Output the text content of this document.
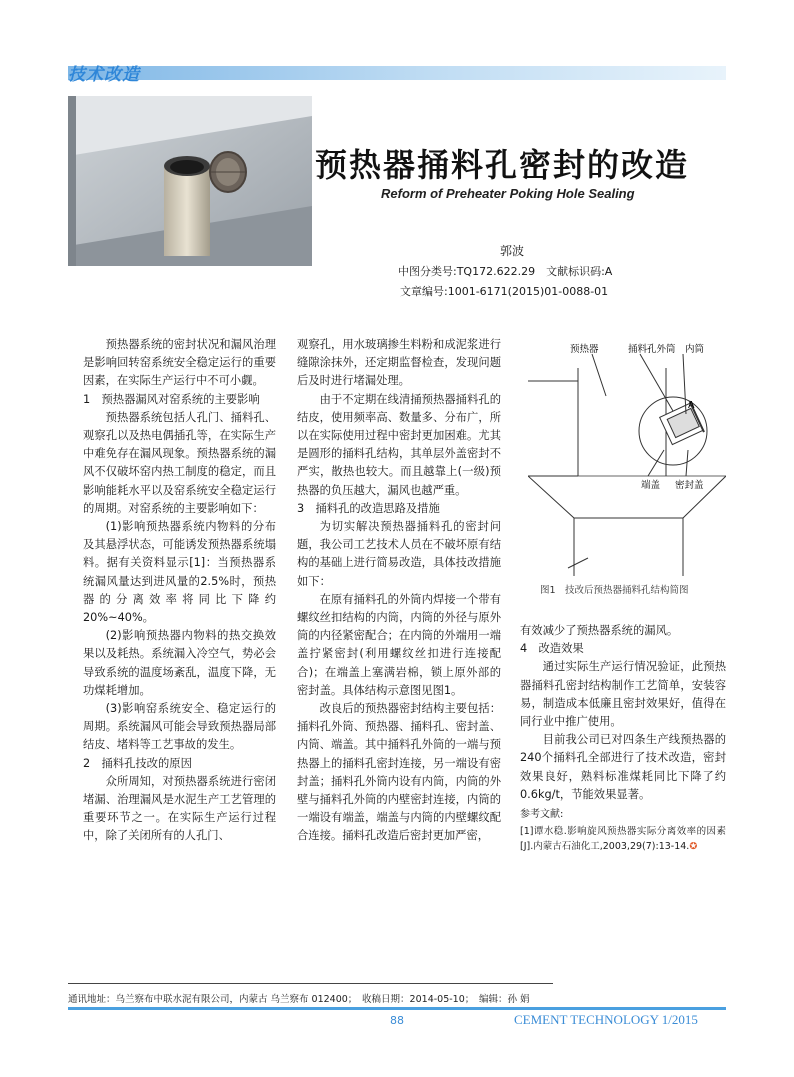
技术改造
预热器捅料孔密封的改造
Reform of Preheater Poking Hole Sealing
郭波
中图分类号:TQ172.622.29　文献标识码:A
文章编号:1001-6171(2015)01-0088-01

预热器系统的密封状况和漏风治理是影响回转窑系统安全稳定运行的重要因素，在实际生产运行中不可小觑。

1　预热器漏风对窑系统的主要影响

预热器系统包括人孔门、捅料孔、观察孔以及热电偶插孔等，在实际生产中难免存在漏风现象。预热器系统的漏风不仅破坏窑内热工制度的稳定，而且影响能耗水平以及窑系统安全稳定运行的周期。对窑系统的主要影响如下：

(1)影响预热器系统内物料的分布及其悬浮状态，可能诱发预热器系统塌料。据有关资料显示[1]：当预热器系统漏风量达到进风量的2.5%时，预热器的分离效率将同比下降约20%~40%。

(2)影响预热器内物料的热交换效果以及耗热。系统漏入冷空气，势必会导致系统的温度场紊乱，温度下降，无功煤耗增加。

(3)影响窑系统安全、稳定运行的周期。系统漏风可能会导致预热器局部结皮、堵料等工艺事故的发生。

2　捅料孔技改的原因

众所周知，对预热器系统进行密闭堵漏、治理漏风是水泥生产工艺管理的重要环节之一。在实际生产运行过程中，除了关闭所有的人孔门、

观察孔，用水玻璃掺生料粉和成泥浆进行缝隙涂抹外，还定期监督检查，发现问题后及时进行堵漏处理。

由于不定期在线清捅预热器捅料孔的结皮，使用频率高、数量多、分布广，所以在实际使用过程中密封更加困难。尤其是圆形的捅料孔结构，其单层外盖密封不严实，散热也较大。而且越靠上(一级)预热器的负压越大，漏风也越严重。

3　捅料孔的改造思路及措施

为切实解决预热器捅料孔的密封问题，我公司工艺技术人员在不破坏原有结构的基础上进行简易改造，具体技改措施如下：

在原有捅料孔的外筒内焊接一个带有螺纹丝扣结构的内筒，内筒的外径与原外筒的内径紧密配合；在内筒的外端用一端盖拧紧密封(利用螺纹丝扣进行连接配合)；在端盖上塞满岩棉，锁上原外部的密封盖。具体结构示意图见图1。

改良后的预热器密封结构主要包括：捅料孔外筒、预热器、捅料孔、密封盖、内筒、端盖。其中捅料孔外筒的一端与预热器上的捅料孔密封连接，另一端设有密封盖；捅料孔外筒内设有内筒，内筒的外壁与捅料孔外筒的内壁密封连接，内筒的一端设有端盖，端盖与内筒的内壁螺纹配合连接。捅料孔改造后密封更加严密，

预热器	捅料孔外筒 内筒
A
端盖 密封盖
图1　技改后预热器捅料孔结构简图

有效减少了预热器系统的漏风。

4　改造效果

通过实际生产运行情况验证，此预热器捅料孔密封结构制作工艺简单，安装容易，制造成本低廉且密封效果好，值得在同行业中推广使用。

目前我公司已对四条生产线预热器的240个捅料孔全部进行了技术改造，密封效果良好，熟料标准煤耗同比下降了约0.6kg/t，节能效果显著。

参考文献:
[1]谭水稳.影响旋风预热器实际分离效率的因素[J].内蒙古石油化工,2003,29(7):13-14.✪
通讯地址：乌兰察布中联水泥有限公司，内蒙古 乌兰察布 012400；　收稿日期：2014-05-10；　编辑：孙 娟
88	CEMENT TECHNOLOGY 1/2015
